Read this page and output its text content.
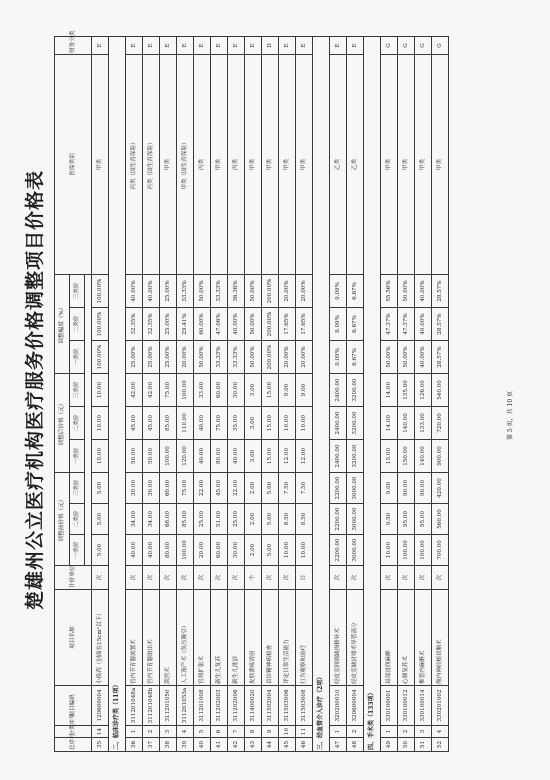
楚雄州公立医疗机构医疗服务价格调整项目价格表
总序号	分类序号	项目编码	项目名称	计价单位	调整前价格（元）			调整后价格（元）			调整幅度（%）			医保类别	财务分类
					一类价	二类价	三类价	一类价	二类价	三类价	一类价	二类价	三类价		

35	14	120600004	小换药（创面在15cm²以下）	次	5.00	5.00	5.00	10.00	10.00	10.00	100.00%	100.00%	100.00%	甲类	E
二、临床诊疗类（11项）															
36	1	311201048a	宫内节育器放置术	次	40.00	34.00	30.00	50.00	45.00	42.00	25.00%	32.35%	40.00%	丙类（国生育保险）	E
37	2	311201048b	宫内节育器取出术	次	40.00	34.00	30.00	50.00	45.00	42.00	25.00%	32.35%	40.00%	丙类（国生育保险）	E
38	3	311201050	刮宫术	次	80.00	68.00	60.00	100.00	85.00	75.00	25.00%	25.00%	25.00%	甲类	E
39	4	311201053a	人工流产术（负压吸引）	次	100.00	85.00	75.00	120.00	110.00	100.00	20.00%	29.41%	33.33%	甲类（国生育保险）	E
40	5	311201008	宫颈扩张术	次	20.00	25.00	22.00	40.00	40.00	33.00	50.00%	60.00%	50.00%	丙类	E
41	6	311202003	新生儿复苏	次	60.00	51.00	45.00	80.00	75.00	60.00	33.33%	47.06%	33.33%	甲类	E
42	7	311202006	新生儿洗浴	次	30.00	25.00	22.00	40.00	35.00	30.00	33.33%	40.00%	36.36%	丙类	E
43	8	311400020	皮肤溃疡清创	个	2.00	2.00	2.00	3.00	3.00	3.00	50.00%	50.00%	50.00%	甲类	E
44	9	311502004	首诊精神病检查	次	5.00	5.00	5.00	15.00	15.00	15.00	200.00%	200.00%	200.00%	甲类	D
45	10	311503006	评定日常生活能力	次	10.00	8.50	7.50	12.00	10.00	9.00	20.00%	17.65%	20.00%	甲类	E
46	11	311503008	行为观察和治疗	日	10.00	8.50	7.50	12.00	10.00	9.00	20.00%	17.65%	20.00%	甲类	E
三、经血管介入诊疗（2项）															
47	1	320200010	经皮室间隔缺损修补术	次	2200.00	2200.00	2200.00	2400.00	2400.00	2400.00	9.09%	9.09%	9.09%	乙类	E
48	2	320600004	经皮室缺封堵术导管部分	次	3000.00	3000.00	3000.00	3200.00	3200.00	3200.00	6.67%	6.67%	6.67%	乙类	E
四、手术类（133项）															
49	1	330100001	局部浸润麻醉	次	10.00	9.50	9.00	15.00	14.00	14.00	50.00%	47.37%	55.56%	甲类	G
50	2	330100012	心肺复苏术	次	100.00	95.00	90.00	150.00	140.00	135.00	50.00%	47.37%	50.00%	甲类	G
51	3	330100014	椎管内麻醉术	次	100.00	95.00	90.00	140.00	133.00	126.00	40.00%	40.00%	40.00%	甲类	G
52	4	330201002	颅内神经根切断术	次	700.00	560.00	420.00	900.00	720.00	540.00	28.57%	28.57%	28.57%	甲类	G
第 5 页，共 10 页
